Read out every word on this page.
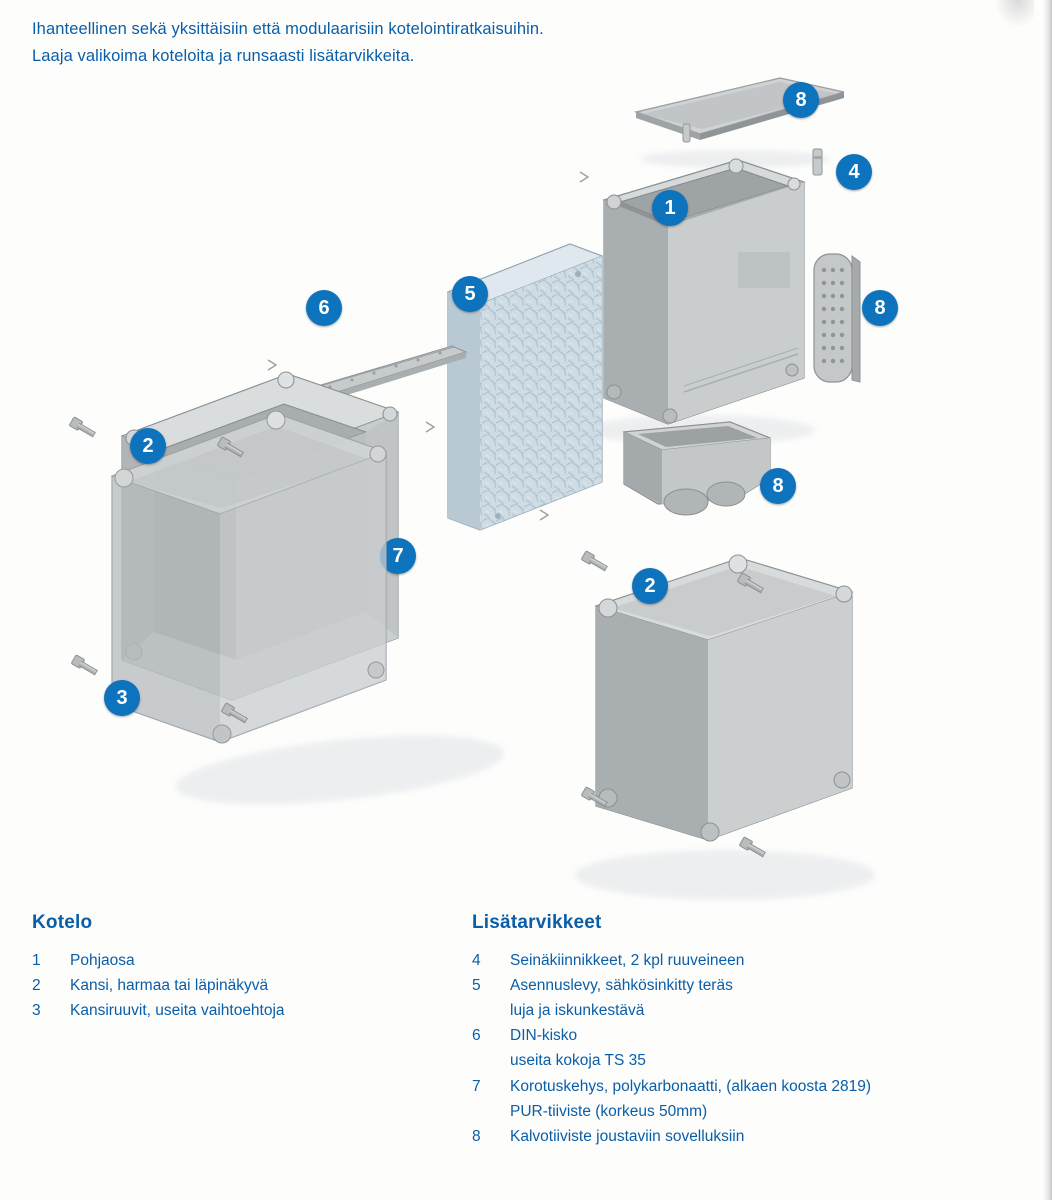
Ihanteellinen sekä yksittäisiin että modulaarisiin kotelointiratkaisuihin.
Laaja valikoima koteloita ja runsaasti lisätarvikkeita.
8
1
4
8
8
5
6
7
2
3
2
Kotelo
1	Pohjaosa
2	Kansi, harmaa tai läpinäkyvä
3	Kansiruuvit, useita vaihtoehtoja
Lisätarvikkeet
4	Seinäkiinnikkeet, 2 kpl ruuveineen
5	Asennuslevy, sähkösinkitty teräs
luja ja iskunkestävä
6	DIN-kisko
useita kokoja TS 35
7	Korotuskehys, polykarbonaatti, (alkaen koosta 2819)
PUR-tiiviste (korkeus 50mm)
8	Kalvotiiviste joustaviin sovelluksiin
